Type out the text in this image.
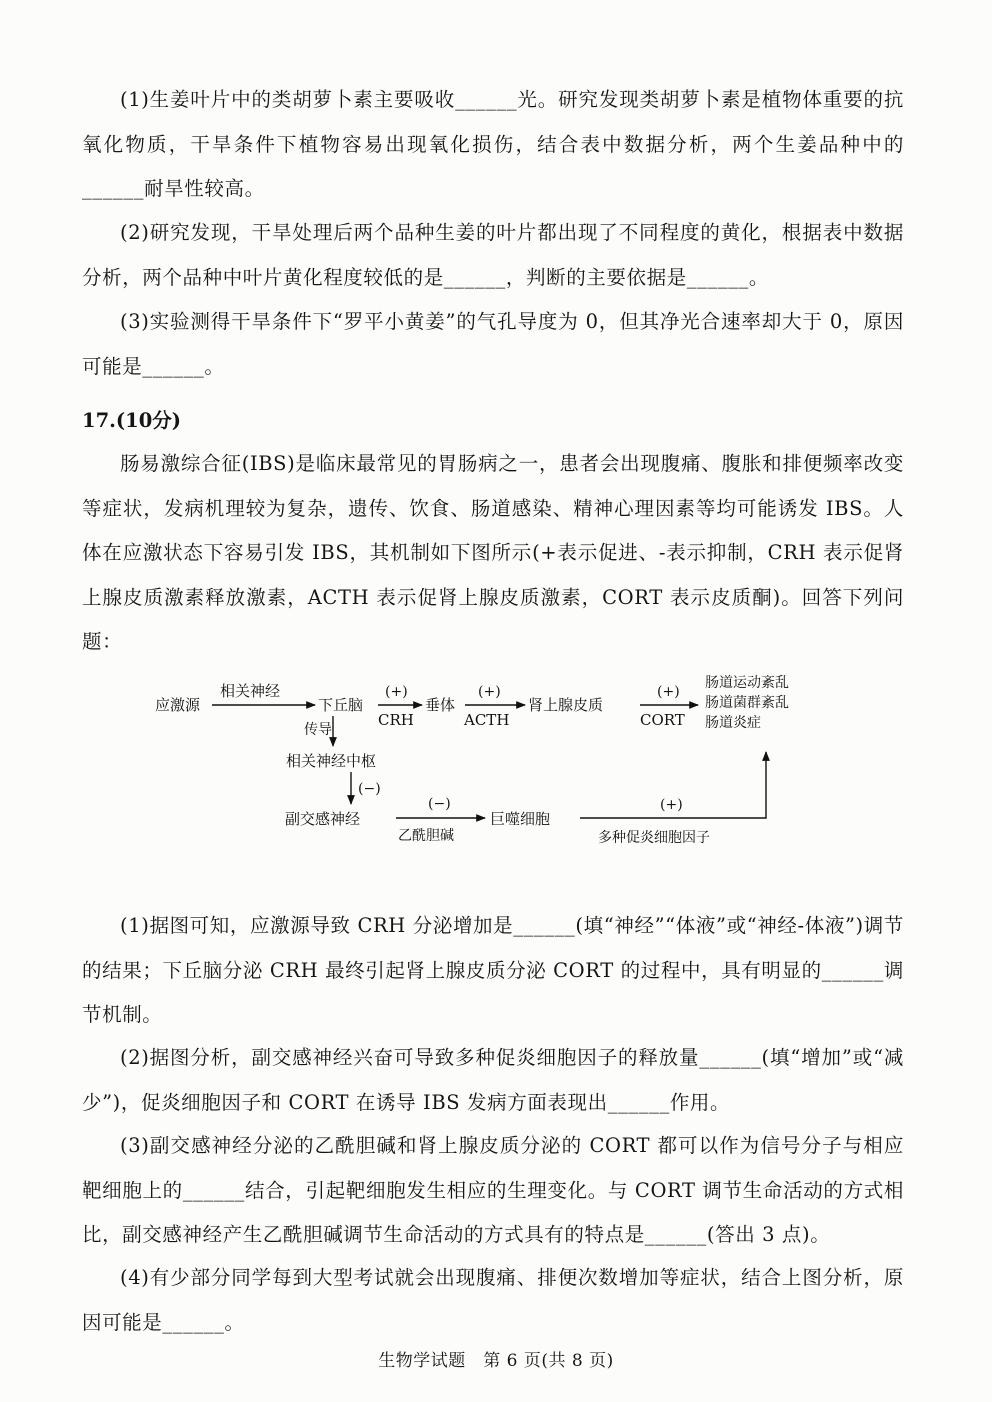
(1)生姜叶片中的类胡萝卜素主要吸收______光。研究发现类胡萝卜素是植物体重要的抗氧化物质，干旱条件下植物容易出现氧化损伤，结合表中数据分析，两个生姜品种中的______耐旱性较高。

(2)研究发现，干旱处理后两个品种生姜的叶片都出现了不同程度的黄化，根据表中数据分析，两个品种中叶片黄化程度较低的是______，判断的主要依据是______。

(3)实验测得干旱条件下“罗平小黄姜”的气孔导度为 0，但其净光合速率却大于 0，原因可能是______。

17.(10分)

肠易激综合征(IBS)是临床最常见的胃肠病之一，患者会出现腹痛、腹胀和排便频率改变等症状，发病机理较为复杂，遗传、饮食、肠道感染、精神心理因素等均可能诱发 IBS。人体在应激状态下容易引发 IBS，其机制如下图所示(+表示促进、-表示抑制，CRH 表示促肾上腺皮质激素释放激素，ACTH 表示促肾上腺皮质激素，CORT 表示皮质酮)。回答下列问题：

应激源
相关神经
下丘脑
(+)
CRH
垂体
(+)
ACTH
肾上腺皮质
(+)
CORT
肠道运动紊乱
肠道菌群紊乱
肠道炎症
传导
相关神经中枢
(−)
副交感神经
(−)
乙酰胆碱
巨噬细胞
(+)
多种促炎细胞因子

(1)据图可知，应激源导致 CRH 分泌增加是______(填“神经”“体液”或“神经-体液”)调节的结果；下丘脑分泌 CRH 最终引起肾上腺皮质分泌 CORT 的过程中，具有明显的______调节机制。

(2)据图分析，副交感神经兴奋可导致多种促炎细胞因子的释放量______(填“增加”或“减少”)，促炎细胞因子和 CORT 在诱导 IBS 发病方面表现出______作用。

(3)副交感神经分泌的乙酰胆碱和肾上腺皮质分泌的 CORT 都可以作为信号分子与相应靶细胞上的______结合，引起靶细胞发生相应的生理变化。与 CORT 调节生命活动的方式相比，副交感神经产生乙酰胆碱调节生命活动的方式具有的特点是______(答出 3 点)。

(4)有少部分同学每到大型考试就会出现腹痛、排便次数增加等症状，结合上图分析，原因可能是______。

生物学试题　第 6 页(共 8 页)
